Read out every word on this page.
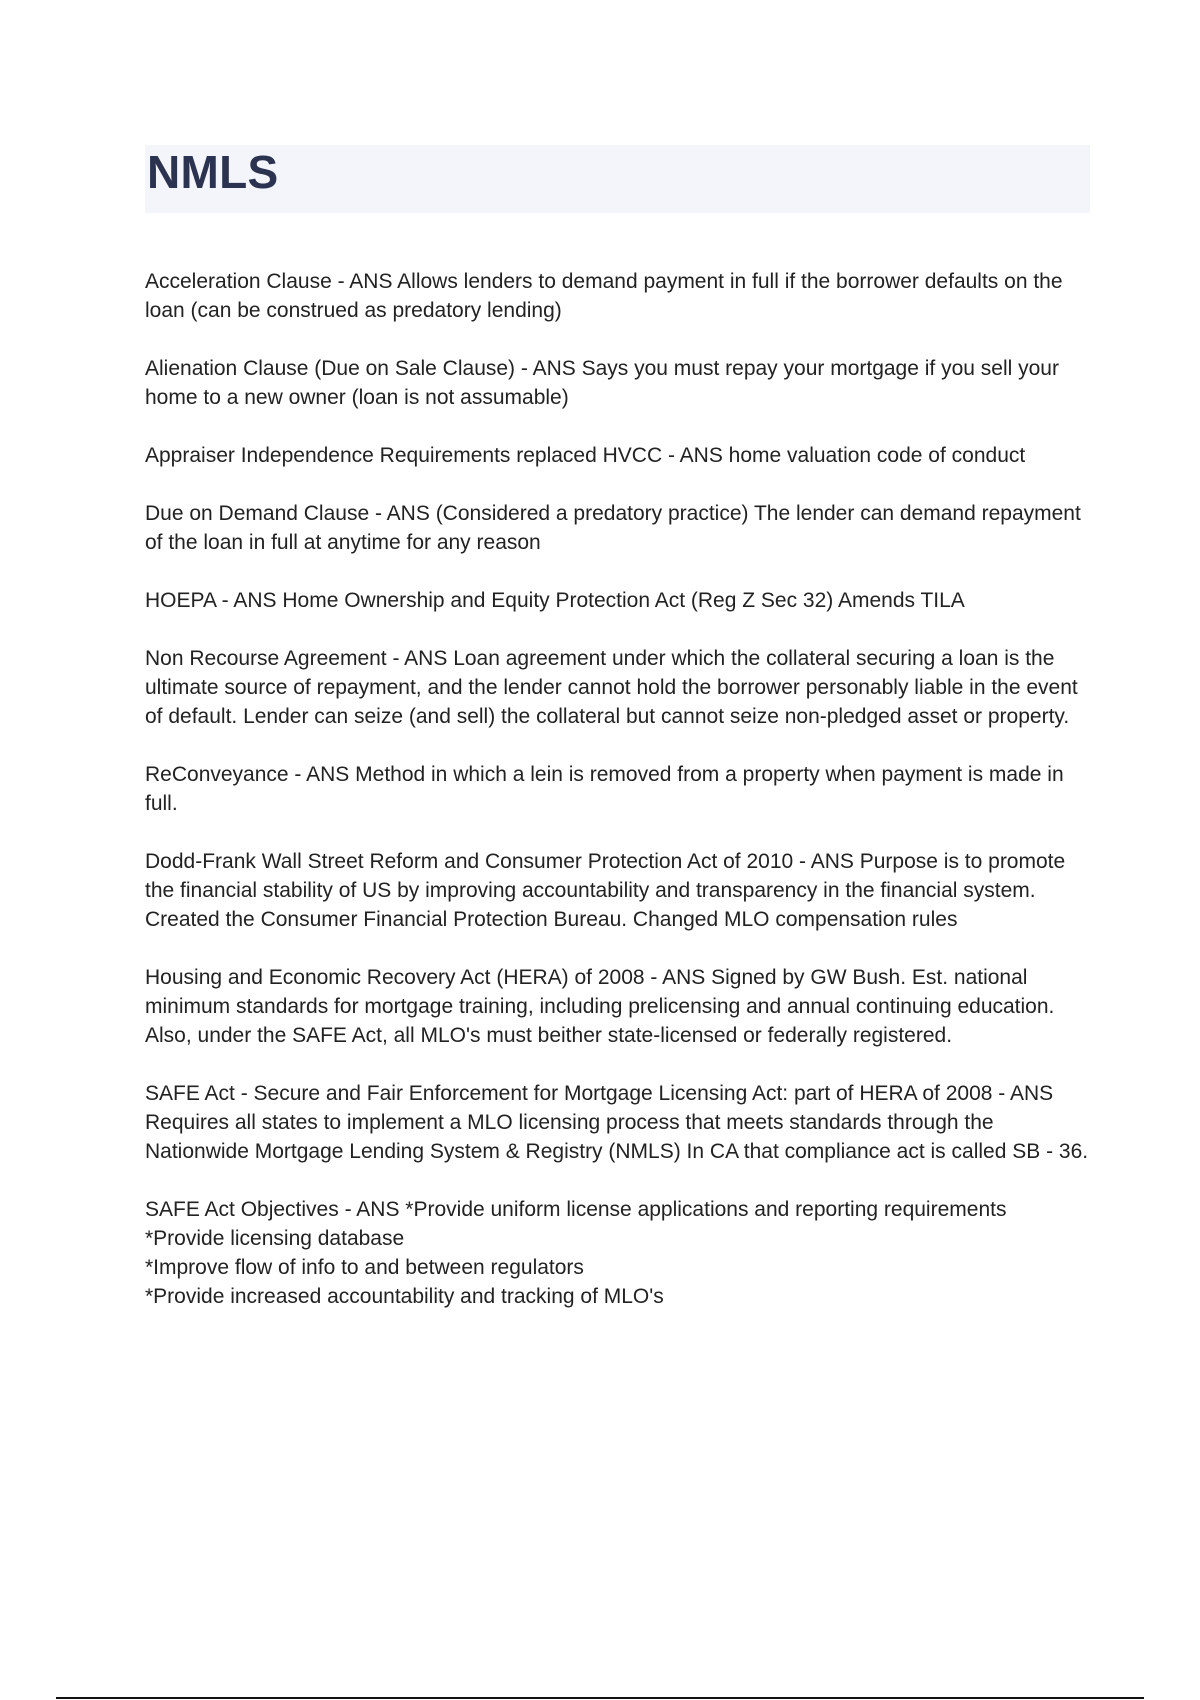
NMLS

Acceleration Clause - ANS Allows lenders to demand payment in full if the borrower defaults on the loan (can be construed as predatory lending)

Alienation Clause (Due on Sale Clause) - ANS Says you must repay your mortgage if you sell your home to a new owner (loan is not assumable)

Appraiser Independence Requirements replaced HVCC - ANS home valuation code of conduct

Due on Demand Clause - ANS (Considered a predatory practice) The lender can demand repayment of the loan in full at anytime for any reason

HOEPA - ANS Home Ownership and Equity Protection Act (Reg Z Sec 32) Amends TILA

Non Recourse Agreement - ANS Loan agreement under which the collateral securing a loan is the ultimate source of repayment, and the lender cannot hold the borrower personably liable in the event of default. Lender can seize (and sell) the collateral but cannot seize non-pledged asset or property.

ReConveyance - ANS Method in which a lein is removed from a property when payment is made in full.

Dodd-Frank Wall Street Reform and Consumer Protection Act of 2010 - ANS Purpose is to promote the financial stability of US by improving accountability and transparency in the financial system. Created the Consumer Financial Protection Bureau. Changed MLO compensation rules

Housing and Economic Recovery Act (HERA) of 2008 - ANS Signed by GW Bush. Est. national minimum standards for mortgage training, including prelicensing and annual continuing education. Also, under the SAFE Act, all MLO's must beither state-licensed or federally registered.

SAFE Act - Secure and Fair Enforcement for Mortgage Licensing Act: part of HERA of 2008 - ANS Requires all states to implement a MLO licensing process that meets standards through the Nationwide Mortgage Lending System & Registry (NMLS) In CA that compliance act is called SB - 36.

SAFE Act Objectives - ANS *Provide uniform license applications and reporting requirements
*Provide licensing database
*Improve flow of info to and between regulators
*Provide increased accountability and tracking of MLO's
